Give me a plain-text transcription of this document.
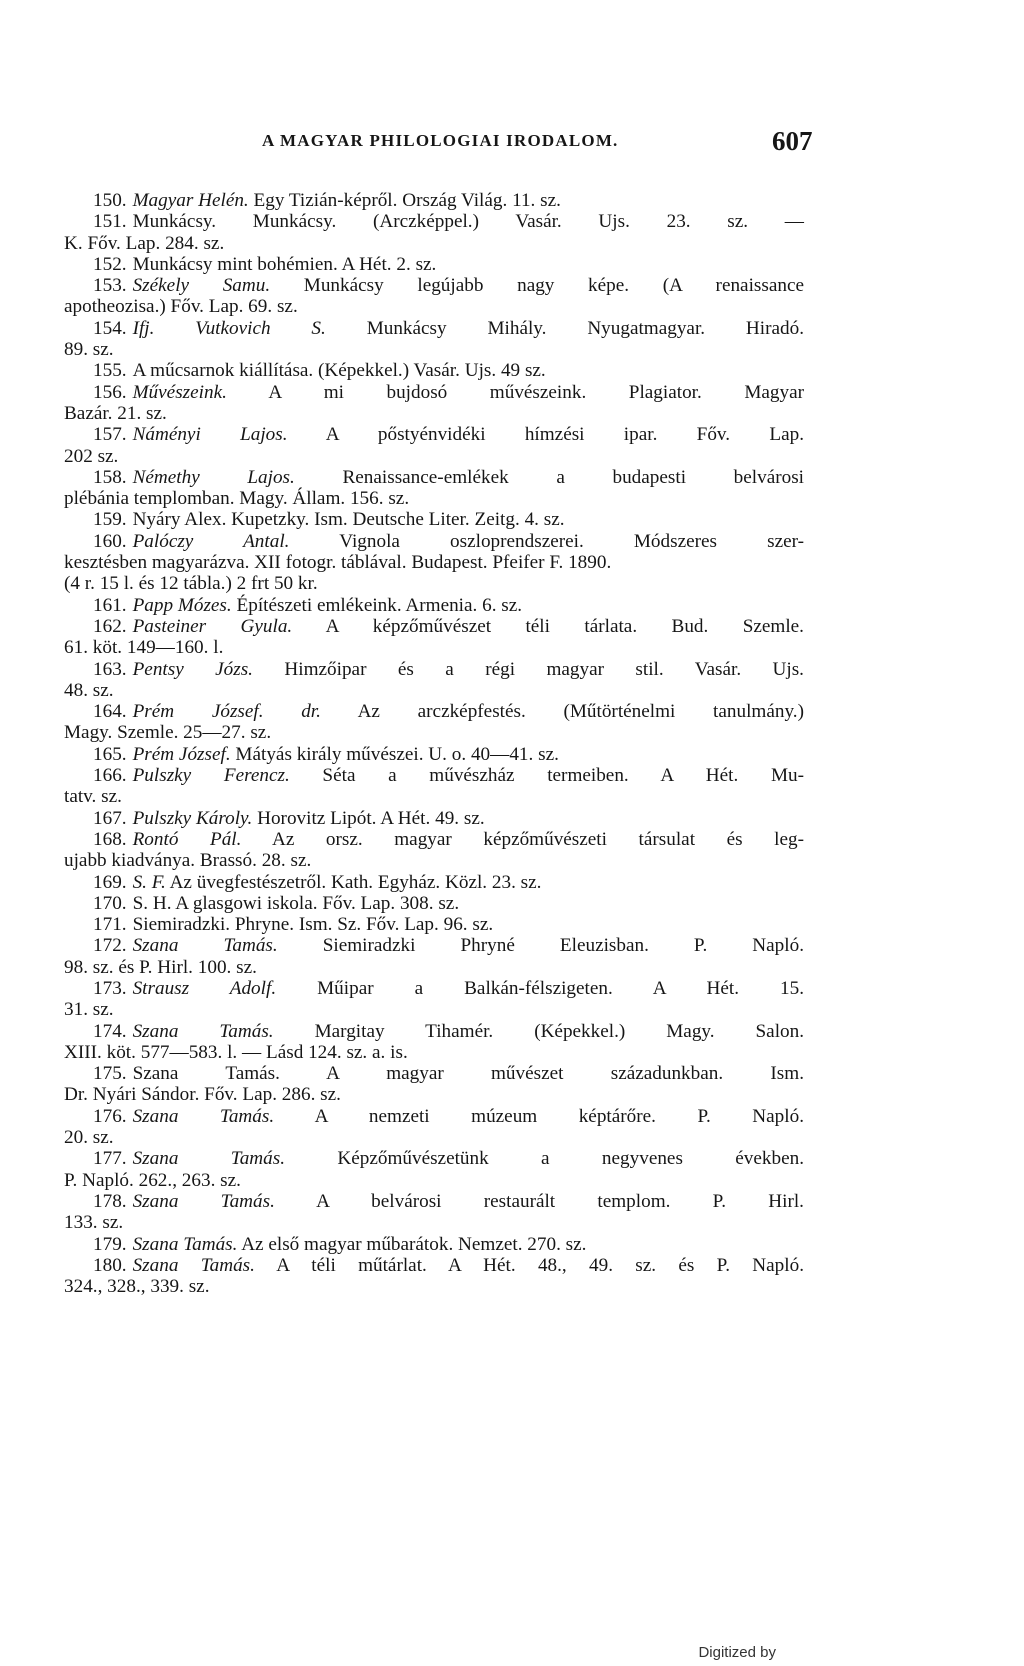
A MAGYAR PHILOLOGIAI IRODALOM.	607

150. Magyar Helén. Egy Tizián-képről. Ország Világ. 11. sz.

151. Munkácsy. Munkácsy. (Arczképpel.) Vasár. Ujs. 23. sz. —
K. Főv. Lap. 284. sz.

152. Munkácsy mint bohémien. A Hét. 2. sz.

153. Székely Samu. Munkácsy legújabb nagy képe. (A renaissance
apotheozisa.) Főv. Lap. 69. sz.

154. Ifj. Vutkovich S. Munkácsy Mihály. Nyugatmagyar. Hiradó.
89. sz.

155. A műcsarnok kiállítása. (Képekkel.) Vasár. Ujs. 49 sz.

156. Művészeink. A mi bujdosó művészeink. Plagiator. Magyar
Bazár. 21. sz.

157. Náményi Lajos. A pőstyénvidéki hímzési ipar. Főv. Lap.
202 sz.

158. Némethy Lajos. Renaissance-emlékek a budapesti belvárosi
plébánia templomban. Magy. Állam. 156. sz.

159. Nyáry Alex. Kupetzky. Ism. Deutsche Liter. Zeitg. 4. sz.

160. Palóczy Antal.	Vignola oszloprendszerei. Módszeres szer-
kesztésben magyarázva. XII fotogr. táblával. Budapest. Pfeifer F. 1890.
(4 r. 15 l. és 12 tábla.) 2 frt 50 kr.

161. Papp Mózes. Építészeti emlékeink. Armenia. 6. sz.

162. Pasteiner Gyula. A képzőművészet téli tárlata. Bud. Szemle.
61. köt. 149—160. l.

163. Pentsy Józs. Himzőipar és a régi magyar stil. Vasár. Ujs.
48. sz.

164. Prém József. dr. Az arczképfestés. (Műtörténelmi tanulmány.)
Magy. Szemle. 25—27. sz.

165. Prém József. Mátyás király művészei. U. o. 40—41. sz.

166. Pulszky Ferencz. Séta a művészház termeiben. A Hét. Mu-
tatv. sz.

167. Pulszky Károly. Horovitz Lipót. A Hét. 49. sz.

168. Rontó Pál. Az orsz. magyar képzőművészeti társulat és leg-
ujabb kiadványa. Brassó. 28. sz.

169. S. F. Az üvegfestészetről. Kath. Egyház. Közl. 23. sz.

170. S. H. A glasgowi iskola. Főv. Lap. 308. sz.

171. Siemiradzki. Phryne. Ism. Sz. Főv. Lap. 96. sz.

172. Szana Tamás. Siemiradzki Phryné Eleuzisban. P. Napló.
98. sz. és P. Hirl. 100. sz.

173. Strausz Adolf. Műipar a Balkán-félszigeten. A Hét. 15.
31. sz.

174. Szana Tamás. Margitay Tihamér. (Képekkel.) Magy. Salon.
XIII. köt. 577—583. l. — Lásd 124. sz. a. is.

175. Szana Tamás. A magyar művészet századunkban. Ism.
Dr. Nyári Sándor. Főv. Lap. 286. sz.

176. Szana Tamás. A nemzeti múzeum képtárőre. P. Napló.
20. sz.

177. Szana Tamás.	Képzőművészetünk a negyvenes években.
P. Napló. 262., 263. sz.

178. Szana Tamás. A belvárosi restaurált templom. P. Hirl.
133. sz.

179. Szana Tamás. Az első magyar műbarátok. Nemzet. 270. sz.

180. Szana Tamás. A téli műtárlat. A Hét. 48., 49. sz. és P. Napló.
324., 328., 339. sz.

Digitized by
